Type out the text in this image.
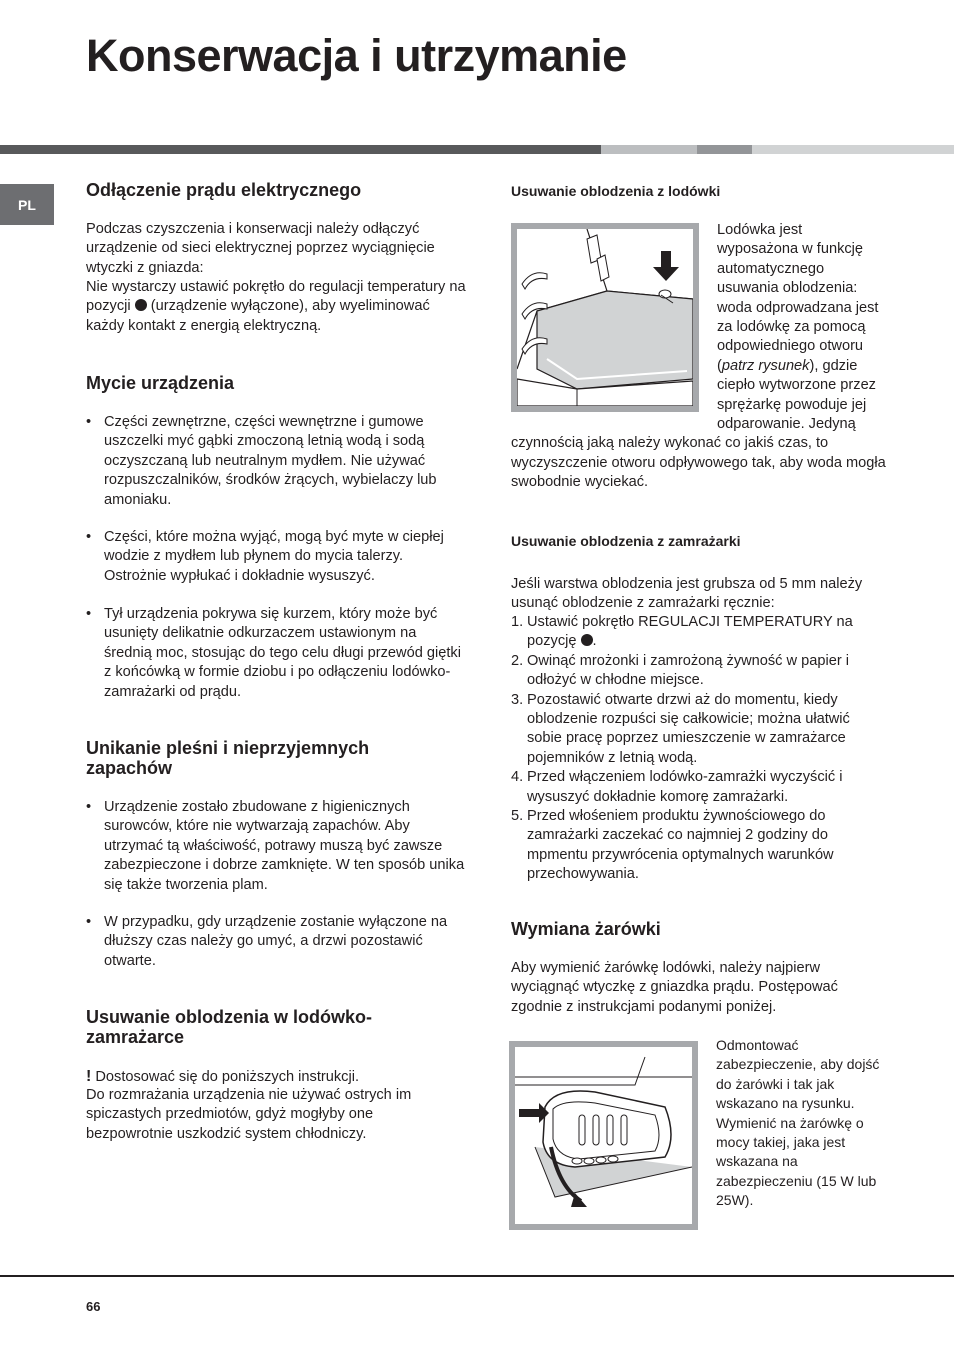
Konserwacja i utrzymanie
PL
Odłączenie prądu elektrycznego

Podczas czyszczenia i konserwacji należy odłączyć urządzenie od sieci elektrycznej poprzez wyciągnięcie wtyczki z gniazda:

Nie wystarczy ustawić pokrętło do regulacji temperatury na pozycji (urządzenie wyłączone), aby wyeliminować każdy kontakt z energią elektryczną.

Mycie urządzenia

• Części zewnętrzne, części wewnętrzne i gumowe uszczelki myć gąbki zmoczoną letnią wodą i sodą oczyszczaną lub neutralnym mydłem. Nie używać rozpuszczalników, środków żrących, wybielaczy lub amoniaku.

• Części, które można wyjąć, mogą być myte w ciepłej wodzie z mydłem lub płynem do mycia talerzy. Ostrożnie wypłukać i dokładnie wysuszyć.

• Tył urządzenia pokrywa się kurzem, który może być usunięty delikatnie odkurzaczem ustawionym na średnią moc, stosując do tego celu długi przewód giętki z końcówką w formie dziobu i po odłączeniu lodówko- zamrażarki od prądu.

Unikanie pleśni i nieprzyjemnych zapachów

• Urządzenie zostało zbudowane z higienicznych surowców, które nie wytwarzają zapachów. Aby utrzymać tą właściwość, potrawy muszą być zawsze zabezpieczone i dobrze zamknięte. W ten sposób unika się także tworzenia plam.

• W przypadku, gdy urządzenie zostanie wyłączone na dłuższy czas należy go umyć, a drzwi pozostawić otwarte.

Usuwanie oblodzenia w lodówko- zamrażarce

! Dostosować się do poniższych instrukcji.

Do rozmrażania urządzenia nie używać ostrych im spiczastych przedmiotów, gdyż mogłyby one bezpowrotnie uszkodzić system chłodniczy.

Usuwanie oblodzenia z lodówki

Lodówka jest wyposażona w funkcję automatycznego usuwania oblodzenia: woda odprowadzana jest za lodówkę za pomocą odpowiedniego otworu (patrz rysunek), gdzie ciepło wytworzone przez sprężarkę powoduje jej odparowanie. Jedyną czynnością jaką należy wykonać co jakiś czas, to wyczyszczenie otworu odpływowego tak, aby woda mogła swobodnie wyciekać.

Usuwanie oblodzenia z zamrażarki

Jeśli warstwa oblodzenia jest grubsza od 5 mm należy usunąć oblodzenie z zamrażarki ręcznie:

1. Ustawić pokrętło REGULACJI TEMPERATURY na pozycję .
2. Owinąć mrożonki i zamrożoną żywność w papier i odłożyć w chłodne miejsce.
3. Pozostawić otwarte drzwi aż do momentu, kiedy oblodzenie rozpuści się całkowicie; można ułatwić sobie pracę poprzez umieszczenie w zamrażarce pojemników z letnią wodą.
4. Przed włączeniem lodówko-zamrażki wyczyścić i wysuszyć dokładnie komorę zamrażarki.
5. Przed włośeniem produktu żywnościowego do zamrażarki zaczekać co najmniej 2 godziny do mpmentu przywrócenia optymalnych warunków przechowywania.
Wymiana żarówki

Aby wymienić żarówkę lodówki, należy najpierw wyciągnąć wtyczkę z gniazdka prądu. Postępować zgodnie z instrukcjami podanymi poniżej.

Odmontować zabezpieczenie, aby dojść do żarówki i tak jak wskazano na rysunku. Wymienić na żarówkę o mocy takiej, jaka jest wskazana na zabezpieczeniu (15 W lub 25W).

66
